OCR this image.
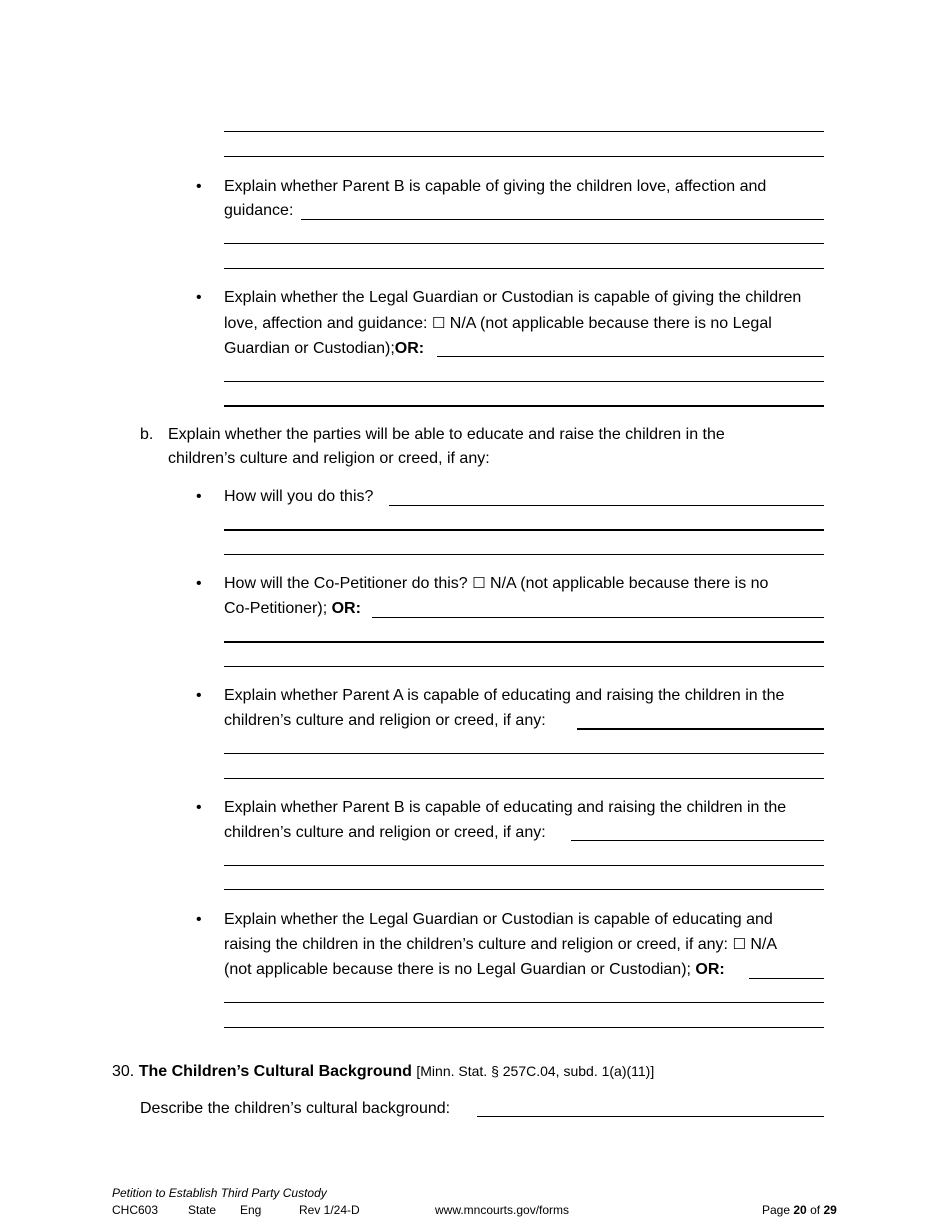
• Explain whether Parent B is capable of giving the children love, affection and
guidance:
• Explain whether the Legal Guardian or Custodian is capable of giving the children
love, affection and guidance: ☐ N/A (not applicable because there is no Legal
Guardian or Custodian);OR:
b. Explain whether the parties will be able to educate and raise the children in the
children’s culture and religion or creed, if any:
• How will you do this?
• How will the Co-Petitioner do this? ☐ N/A (not applicable because there is no
Co-Petitioner); OR:
• Explain whether Parent A is capable of educating and raising the children in the
children’s culture and religion or creed, if any:
• Explain whether Parent B is capable of educating and raising the children in the
children’s culture and religion or creed, if any:
• Explain whether the Legal Guardian or Custodian is capable of educating and
raising the children in the children’s culture and religion or creed, if any: ☐ N/A
(not applicable because there is no Legal Guardian or Custodian); OR:
30. The Children’s Cultural Background [Minn. Stat. § 257C.04, subd. 1(a)(11)]
Describe the children’s cultural background:
Petition to Establish Third Party Custody
CHC603 State Eng	Rev 1/24-D	www.mncourts.gov/forms	Page 20 of 29
